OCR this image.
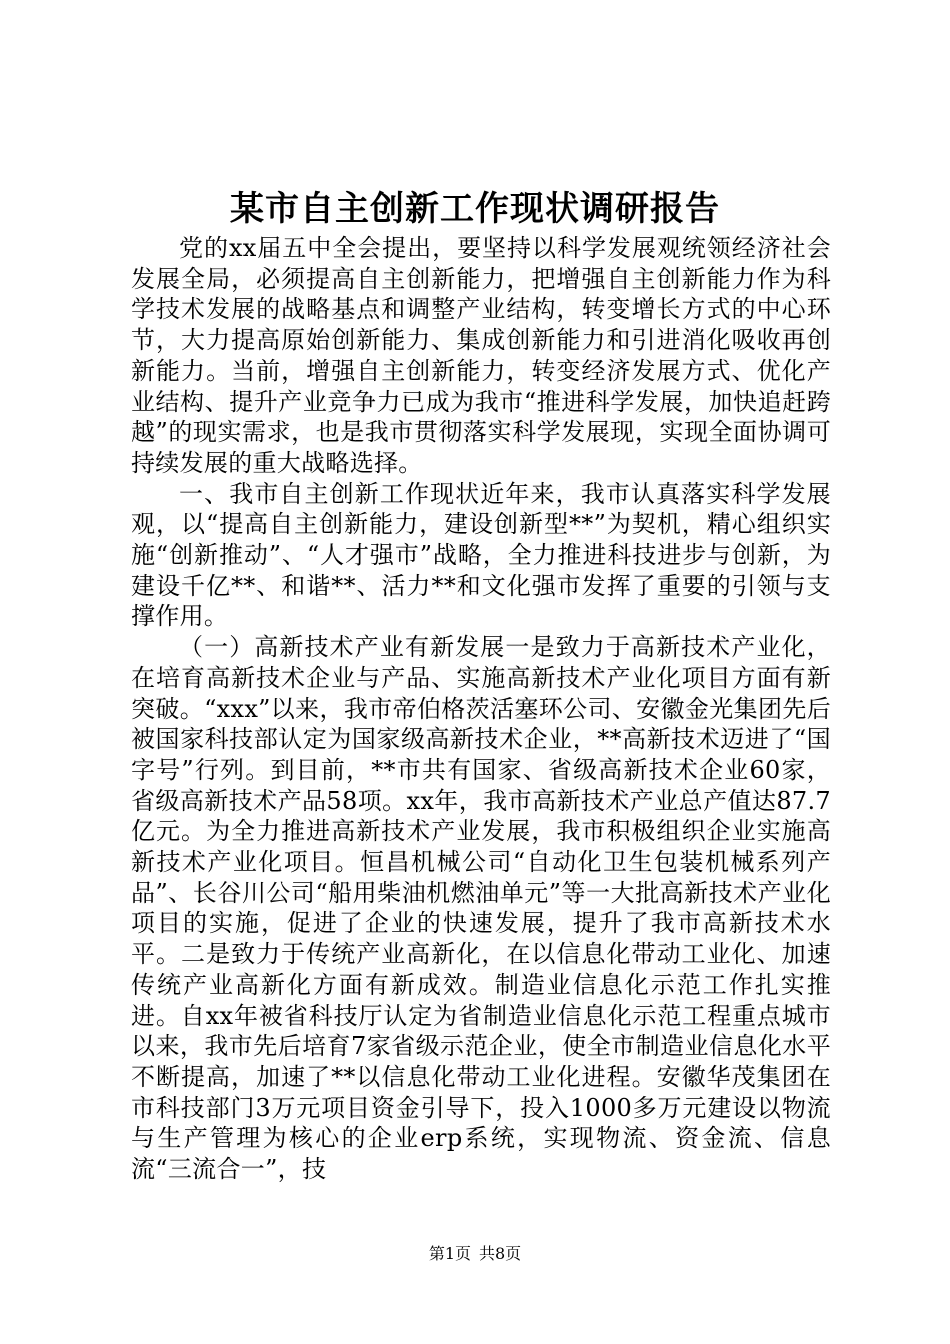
某市自主创新工作现状调研报告

党的xx届五中全会提出，要坚持以科学发展观统领经济社会发展全局，必须提高自主创新能力，把增强自主创新能力作为科学技术发展的战略基点和调整产业结构，转变增长方式的中心环节，大力提高原始创新能力、集成创新能力和引进消化吸收再创新能力。当前，增强自主创新能力，转变经济发展方式、优化产业结构、提升产业竞争力已成为我市“推进科学发展，加快追赶跨越”的现实需求，也是我市贯彻落实科学发展现，实现全面协调可持续发展的重大战略选择。

一、我市自主创新工作现状近年来，我市认真落实科学发展观，以“提高自主创新能力，建设创新型**”为契机，精心组织实施“创新推动”、“人才强市”战略，全力推进科技进步与创新，为建设千亿**、和谐**、活力**和文化强市发挥了重要的引领与支撑作用。

（一）高新技术产业有新发展一是致力于高新技术产业化，在培育高新技术企业与产品、实施高新技术产业化项目方面有新突破。“xxx”以来，我市帝伯格茨活塞环公司、安徽金光集团先后被国家科技部认定为国家级高新技术企业，**高新技术迈进了“国字号”行列。到目前，**市共有国家、省级高新技术企业60家，省级高新技术产品58项。xx年，我市高新技术产业总产值达87.7亿元。为全力推进高新技术产业发展，我市积极组织企业实施高新技术产业化项目。恒昌机械公司“自动化卫生包装机械系列产品”、长谷川公司“船用柴油机燃油单元”等一大批高新技术产业化项目的实施，促进了企业的快速发展，提升了我市高新技术水平。二是致力于传统产业高新化，在以信息化带动工业化、加速传统产业高新化方面有新成效。制造业信息化示范工作扎实推进。自xx年被省科技厅认定为省制造业信息化示范工程重点城市以来，我市先后培育7家省级示范企业，使全市制造业信息化水平不断提高，加速了**以信息化带动工业化进程。安徽华茂集团在市科技部门3万元项目资金引导下，投入1000多万元建设以物流与生产管理为核心的企业erp系统，实现物流、资金流、信息流“三流合一”，技

第1页 共8页
